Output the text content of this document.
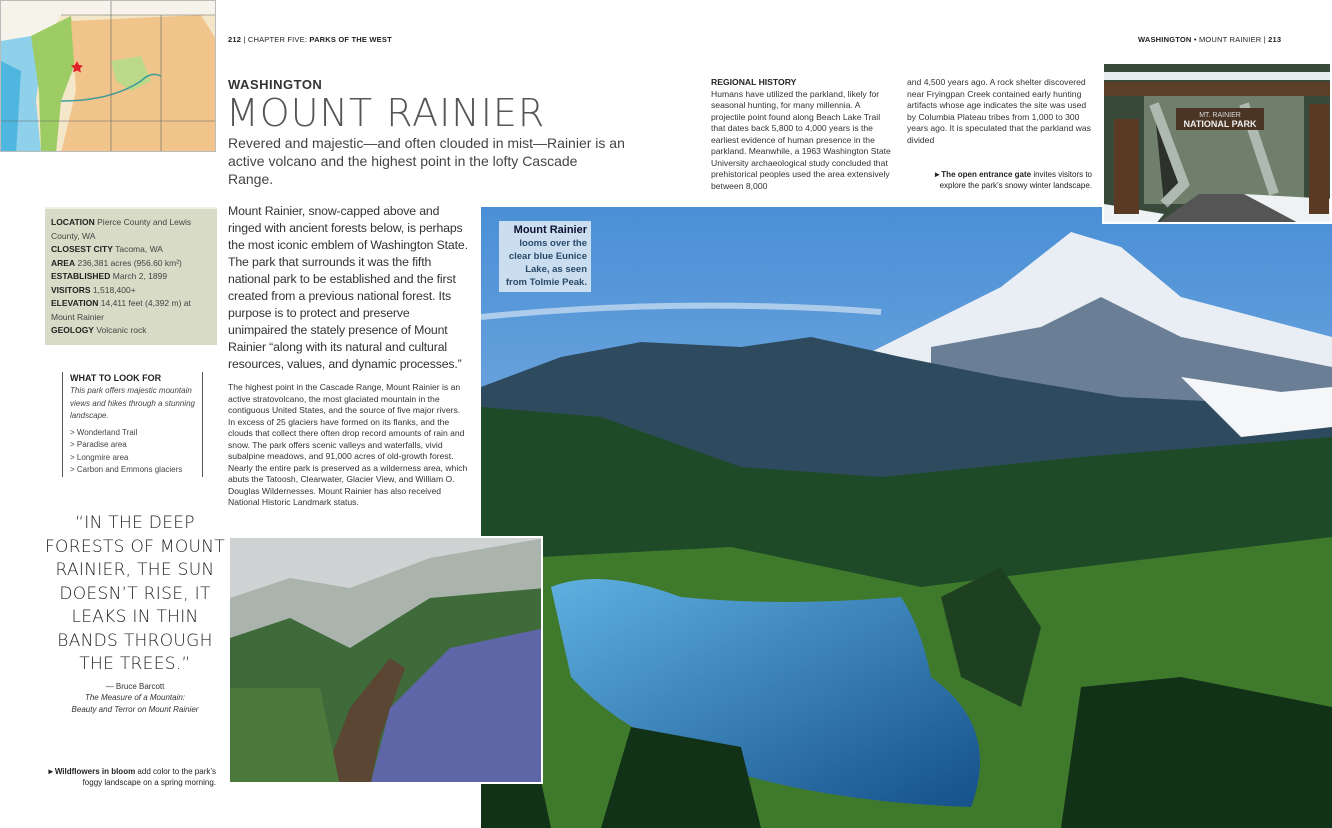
212 | CHAPTER FIVE: PARKS OF THE WEST	WASHINGTON • MOUNT RAINIER | 213
WASHINGTON
MOUNT RAINIER
Revered and majestic—and often clouded in mist—Rainier is an active volcano and the highest point in the lofty Cascade Range.
LOCATION Pierce County and Lewis County, WA
CLOSEST CITY Tacoma, WA
AREA 236,381 acres (956.60 km²)
ESTABLISHED March 2, 1899
VISITORS 1,518,400+
ELEVATION 14,411 feet (4,392 m) at Mount Rainier
GEOLOGY Volcanic rock
WHAT TO LOOK FOR
This park offers majestic mountain views and hikes through a stunning landscape.
> Wonderland Trail
> Paradise area
> Longmire area
> Carbon and Emmons glaciers
Mount Rainier, snow-capped above and ringed with ancient forests below, is perhaps the most iconic emblem of Washington State. The park that surrounds it was the fifth national park to be established and the first created from a previous national forest. Its purpose is to protect and preserve unimpaired the stately presence of Mount Rainier “along with its natural and cultural resources, values, and dynamic processes.”
The highest point in the Cascade Range, Mount Rainier is an active stratovolcano, the most glaciated mountain in the contiguous United States, and the source of five major rivers. In excess of 25 glaciers have formed on its flanks, and the clouds that collect there often drop record amounts of rain and snow. The park offers scenic valleys and waterfalls, vivid subalpine meadows, and 91,000 acres of old-growth forest. Nearly the entire park is preserved as a wilderness area, which abuts the Tatoosh, Clearwater, Glacier View, and William O. Douglas Wildernesses. Mount Rainier has also received National Historic Landmark status.
Mount Rainier looms over the clear blue Eunice Lake, as seen from Tolmie Peak.
“IN THE DEEP FORESTS OF MOUNT RAINIER, THE SUN DOESN’T RISE, IT LEAKS IN THIN BANDS THROUGH THE TREES.”
— Bruce Barcott
The Measure of a Mountain:
Beauty and Terror on Mount Rainier
►Wildflowers in bloom add color to the park’s foggy landscape on a spring morning.
REGIONAL HISTORY
Humans have utilized the parkland, likely for seasonal hunting, for many millennia. A projectile point found along Beach Lake Trail that dates back 5,800 to 4,000 years is the earliest evidence of human presence in the parkland. Meanwhile, a 1963 Washington State University archaeological study concluded that prehistorical peoples used the area extensively between 8,000
and 4,500 years ago. A rock shelter discovered near Fryingpan Creek contained early hunting artifacts whose age indicates the site was used by Columbia Plateau tribes from 1,000 to 300 years ago. It is speculated that the parkland was divided
►The open entrance gate invites visitors to explore the park’s snowy winter landscape.
MT. RAINIER
NATIONAL PARK
